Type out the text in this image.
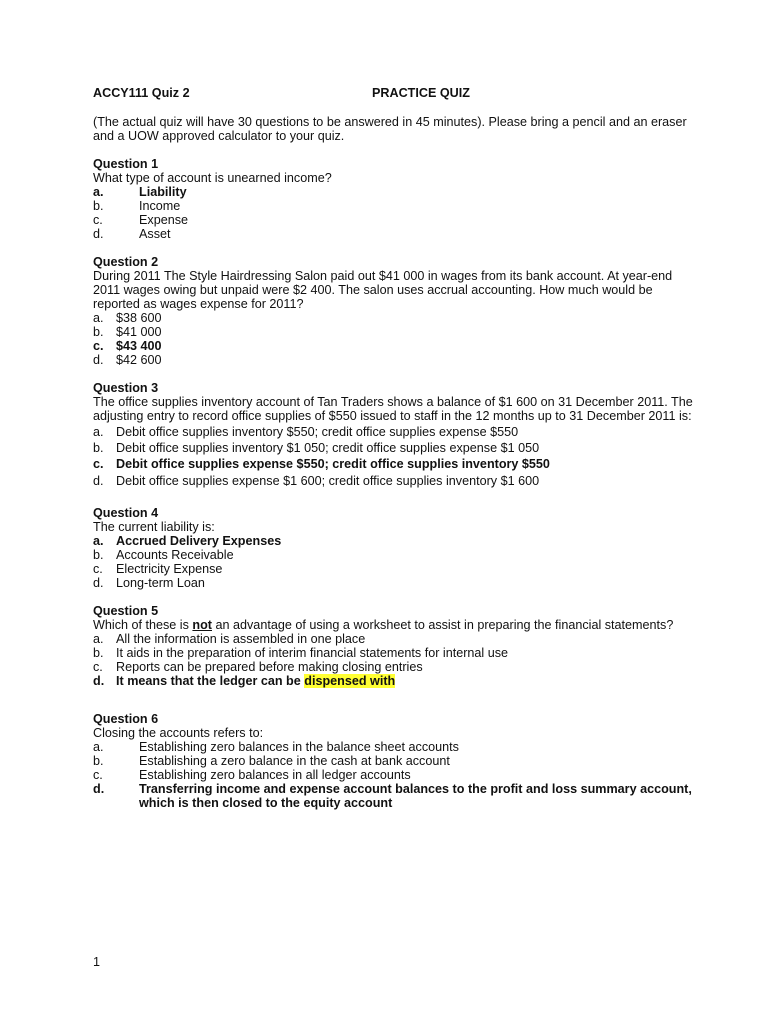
ACCY111 Quiz 2	PRACTICE QUIZ

(The actual quiz will have 30 questions to be answered in 45 minutes). Please bring a pencil and an eraser and a UOW approved calculator to your quiz.

Question 1
What type of account is unearned income?
a.	Liability
b.	Income
c.	Expense
d.	Asset
Question 2
During 2011 The Style Hairdressing Salon paid out $41 000 in wages from its bank account. At year-end 2011 wages owing but unpaid were $2 400. The salon uses accrual accounting. How much would be reported as wages expense for 2011?
a. $38 600
b. $41 000
c. $43 400
d. $42 600
Question 3
The office supplies inventory account of Tan Traders shows a balance of $1 600 on 31 December 2011. The adjusting entry to record office supplies of $550 issued to staff in the 12 months up to 31 December 2011 is:
a. Debit office supplies inventory $550; credit office supplies expense $550
b. Debit office supplies inventory $1 050; credit office supplies expense $1 050
c. Debit office supplies expense $550; credit office supplies inventory $550
d. Debit office supplies expense $1 600; credit office supplies inventory $1 600
Question 4
The current liability is:
a. Accrued Delivery Expenses
b. Accounts Receivable
c.	Electricity Expense
d. Long-term Loan
Question 5
Which of these is not an advantage of using a worksheet to assist in preparing the financial statements?
a. All the information is assembled in one place
b. It aids in the preparation of interim financial statements for internal use
c.	Reports can be prepared before making closing entries
d. It means that the ledger can be dispensed with
Question 6
Closing the accounts refers to:
a.	Establishing zero balances in the balance sheet accounts
b.	Establishing a zero balance in the cash at bank account
c.	Establishing zero balances in all ledger accounts
d.	Transferring income and expense account balances to the profit and loss summary account, which is then closed to the equity account
1
